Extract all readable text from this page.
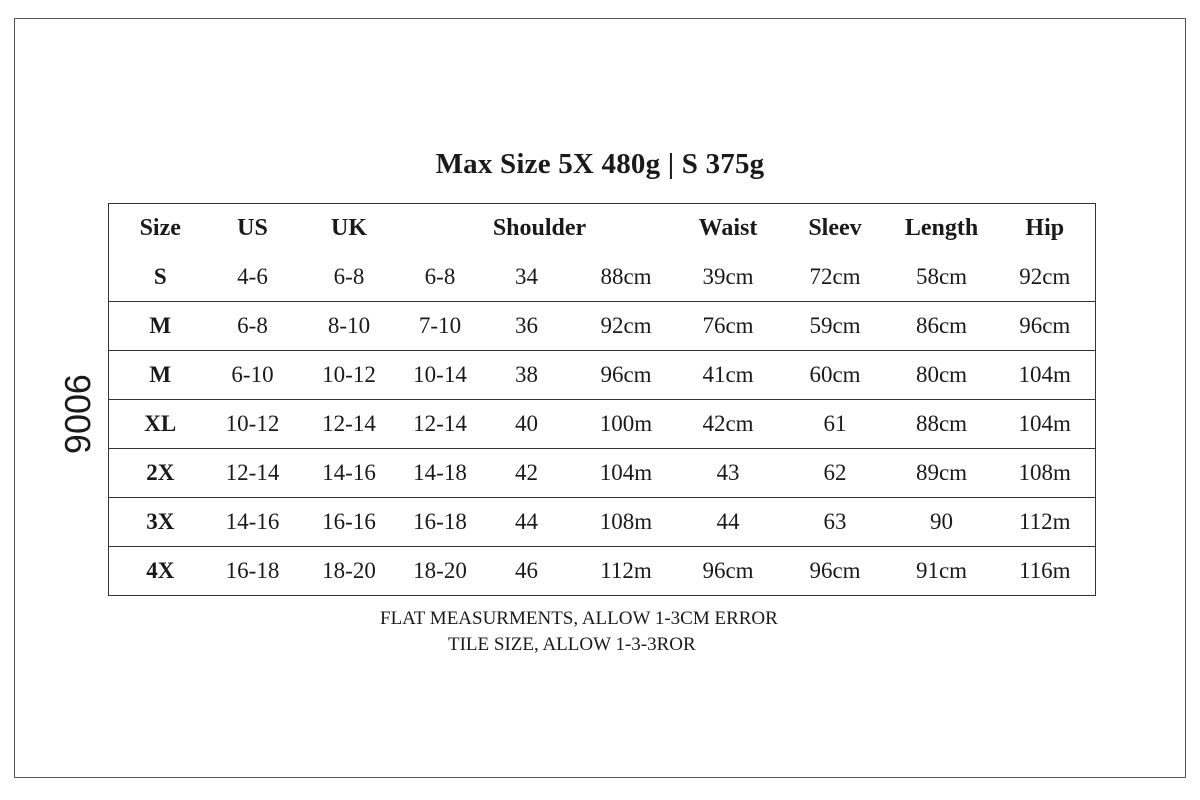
Max Size 5X 480g | S 375g
9006
Size	US	UK	Shoulder			Waist	Sleev	Length	Hip
S	4-6	6-8	6-8	34	88cm	39cm	72cm	58cm	92cm
M	6-8	8-10	7-10	36	92cm	76cm	59cm	86cm	96cm
M	6-10	10-12	10-14	38	96cm	41cm	60cm	80cm	104m
XL	10-12	12-14	12-14	40	100m	42cm	61	88cm	104m
2X	12-14	14-16	14-18	42	104m	43	62	89cm	108m
3X	14-16	16-16	16-18	44	108m	44	63	90	112m
4X	16-18	18-20	18-20	46	112m	96cm	96cm	91cm	116m
FLAT MEASURMENTS, ALLOW 1-3CM ERROR
TILE SIZE, ALLOW 1-3-3ROR
